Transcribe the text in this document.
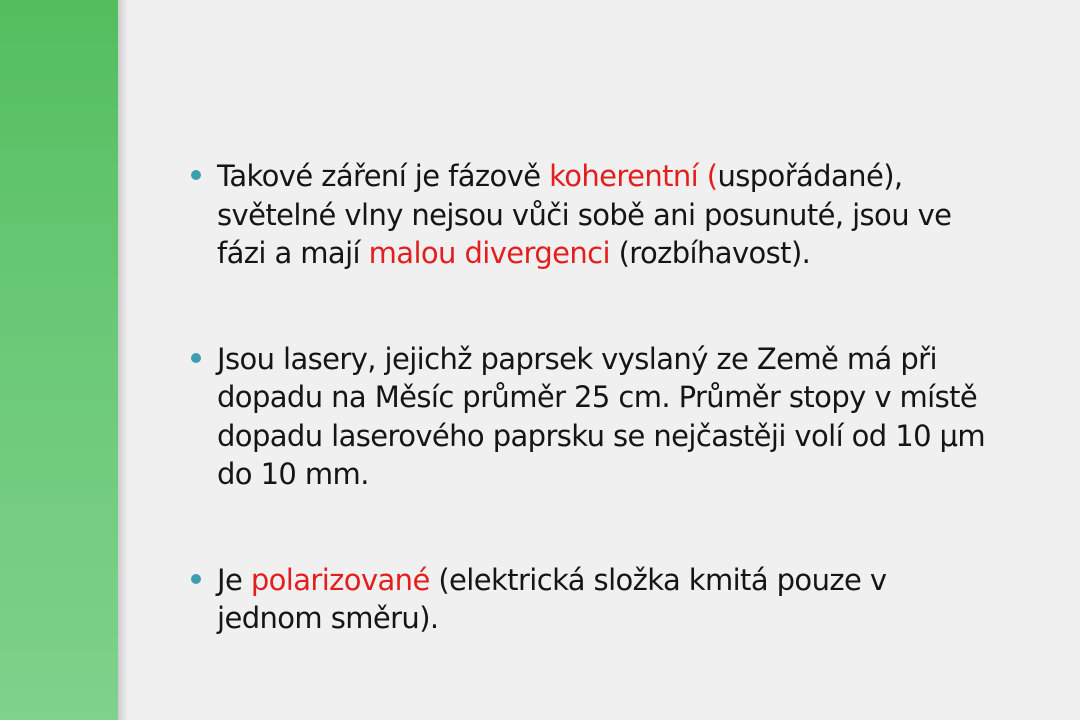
Takové záření je fázově koherentní (uspořádané),
světelné vlny nejsou vůči sobě ani posunuté, jsou ve
fázi a mají malou divergenci (rozbíhavost).
Jsou lasery, jejichž paprsek vyslaný ze Země má při
dopadu na Měsíc průměr 25 cm. Průměr stopy v místě
dopadu laserového paprsku se nejčastěji volí od 10 μm
do 10 mm.
Je polarizované (elektrická složka kmitá pouze v
jednom směru).
